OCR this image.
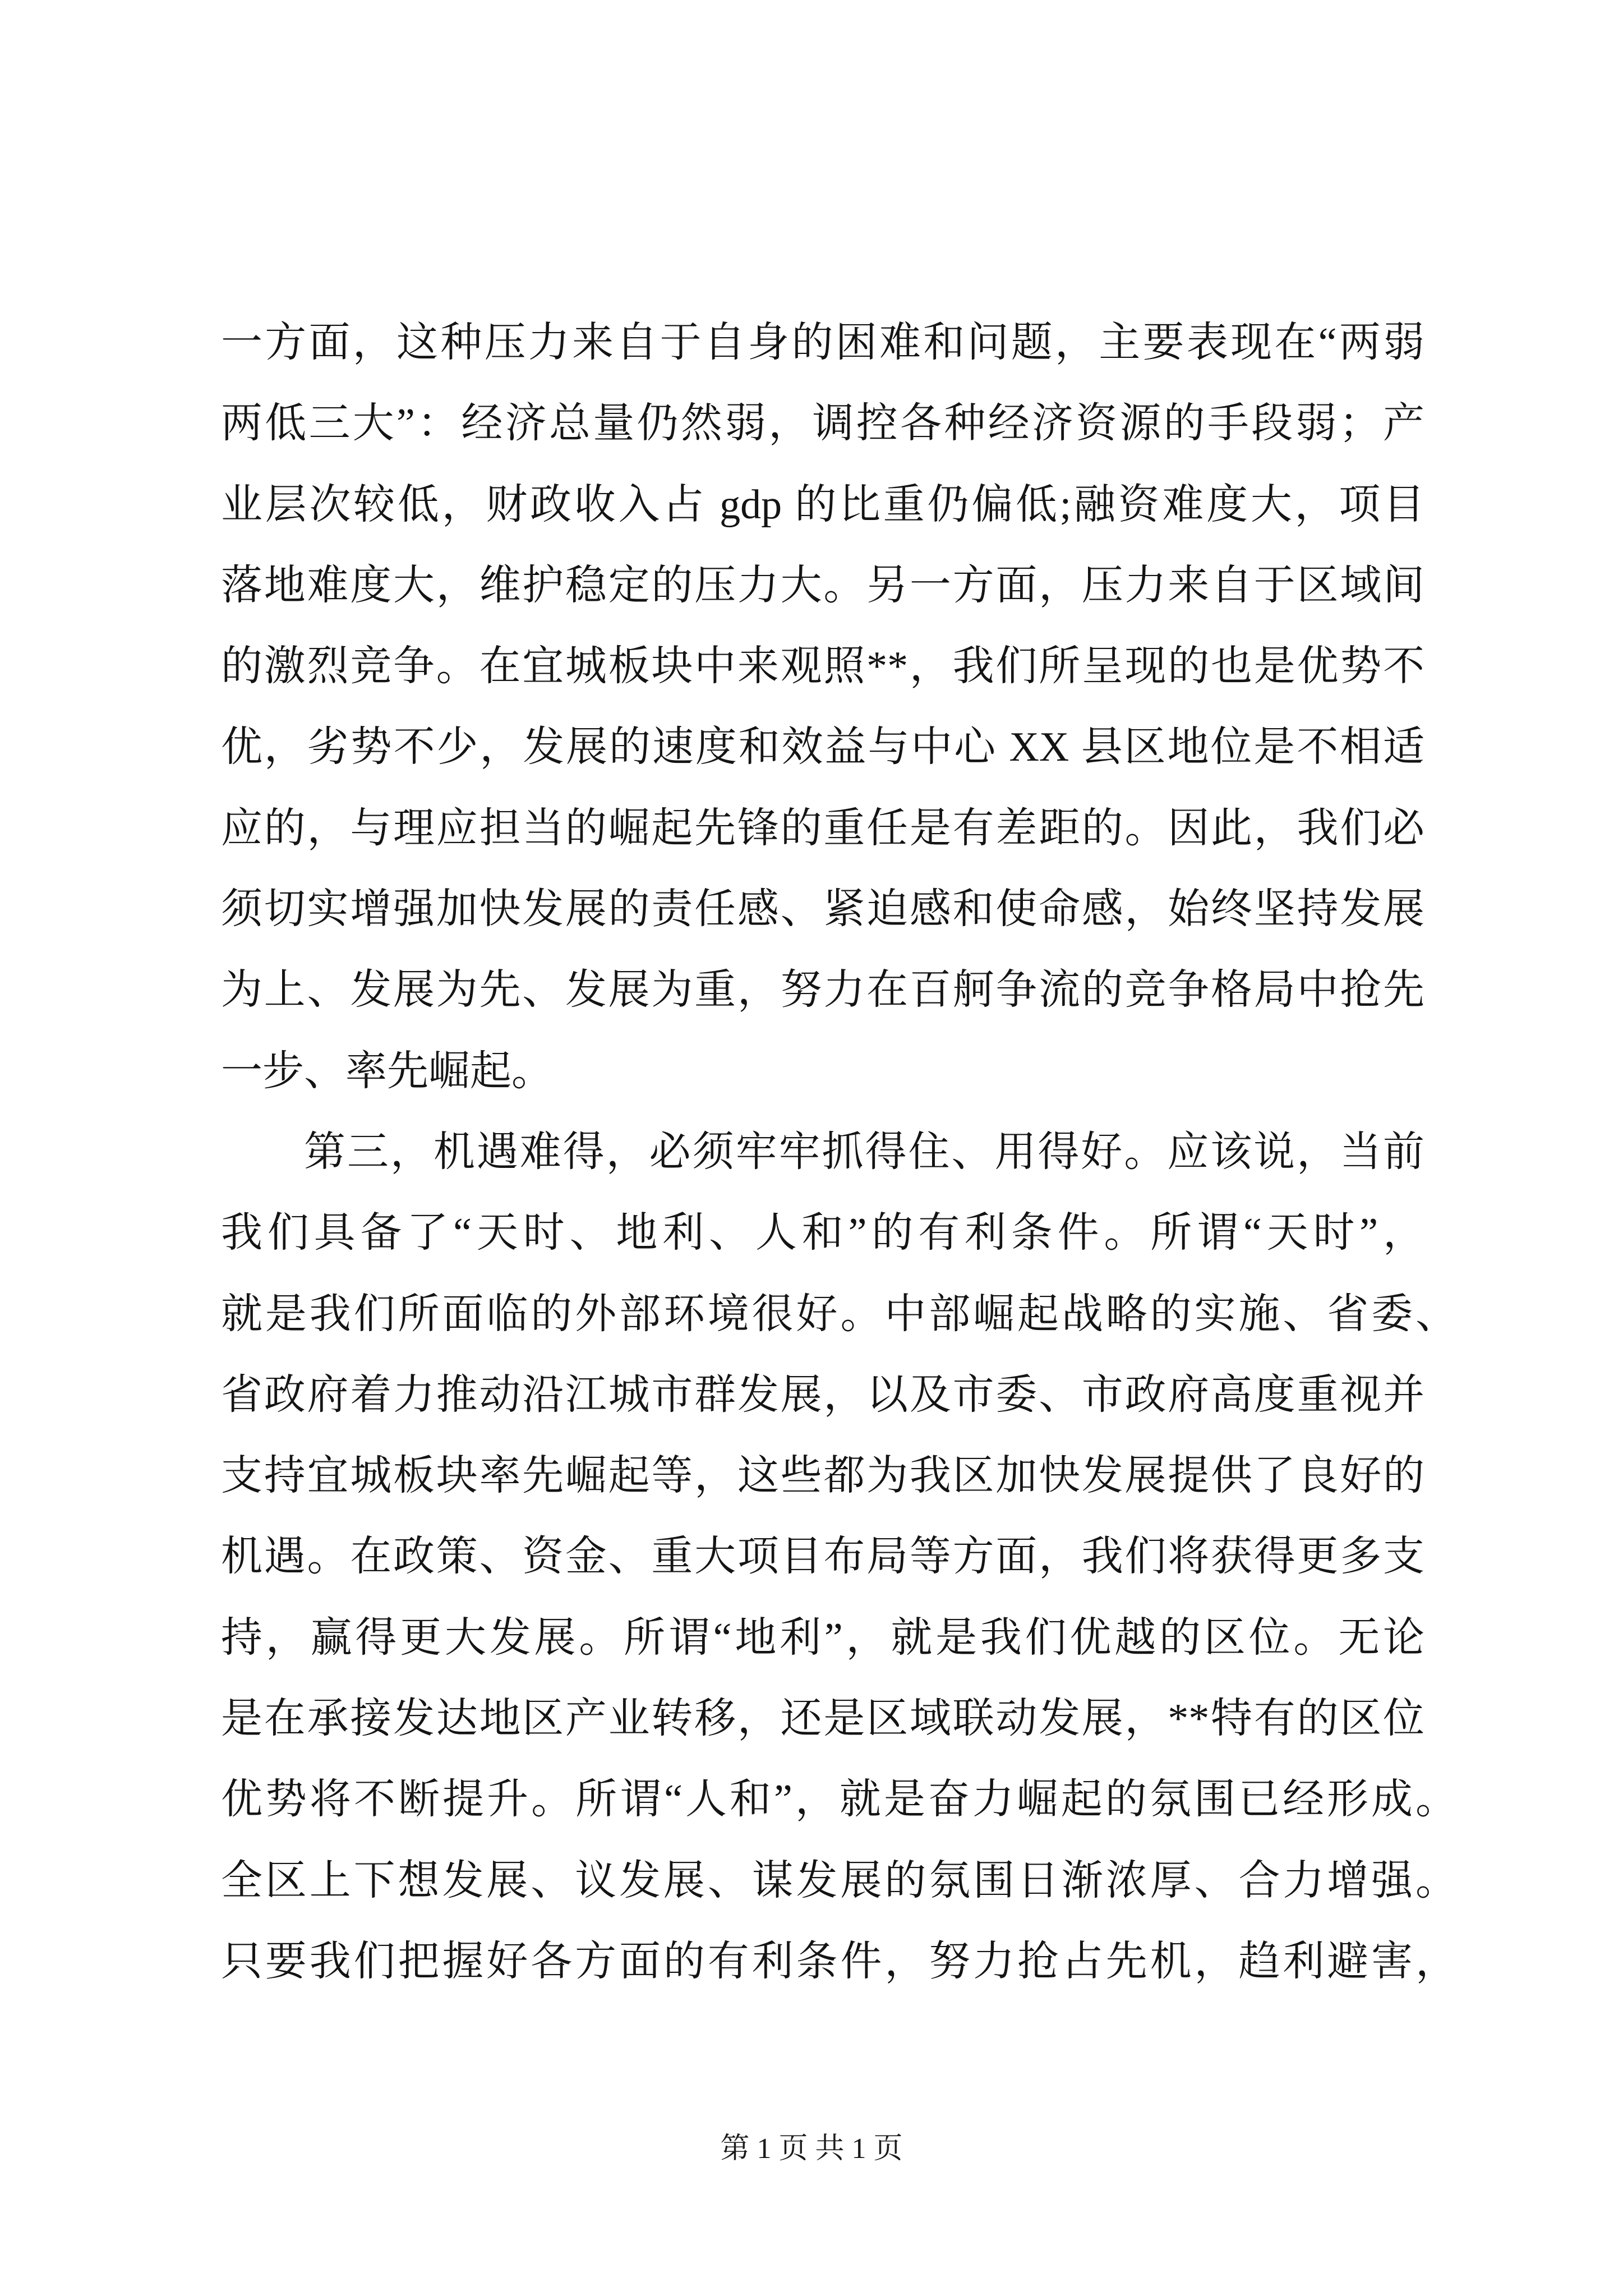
一方面，这种压力来自于自身的困难和问题，主要表现在“两弱
两低三大”：经济总量仍然弱，调控各种经济资源的手段弱；产
业层次较低，财政收入占 gdp 的比重仍偏低;融资难度大，项目
落地难度大，维护稳定的压力大。另一方面，压力来自于区域间
的激烈竞争。在宜城板块中来观照**，我们所呈现的也是优势不
优，劣势不少，发展的速度和效益与中心 XX 县区地位是不相适
应的，与理应担当的崛起先锋的重任是有差距的。因此，我们必
须切实增强加快发展的责任感、紧迫感和使命感，始终坚持发展
为上、发展为先、发展为重，努力在百舸争流的竞争格局中抢先
一步、率先崛起。
第三，机遇难得，必须牢牢抓得住、用得好。应该说，当前
我们具备了“天时、地利、人和”的有利条件。所谓“天时”，
就是我们所面临的外部环境很好。中部崛起战略的实施、省委、
省政府着力推动沿江城市群发展，以及市委、市政府高度重视并
支持宜城板块率先崛起等，这些都为我区加快发展提供了良好的
机遇。在政策、资金、重大项目布局等方面，我们将获得更多支
持，赢得更大发展。所谓“地利”，就是我们优越的区位。无论
是在承接发达地区产业转移，还是区域联动发展，**特有的区位
优势将不断提升。所谓“人和”，就是奋力崛起的氛围已经形成。
全区上下想发展、议发展、谋发展的氛围日渐浓厚、合力增强。
只要我们把握好各方面的有利条件，努力抢占先机，趋利避害，
第 1 页 共 1 页
